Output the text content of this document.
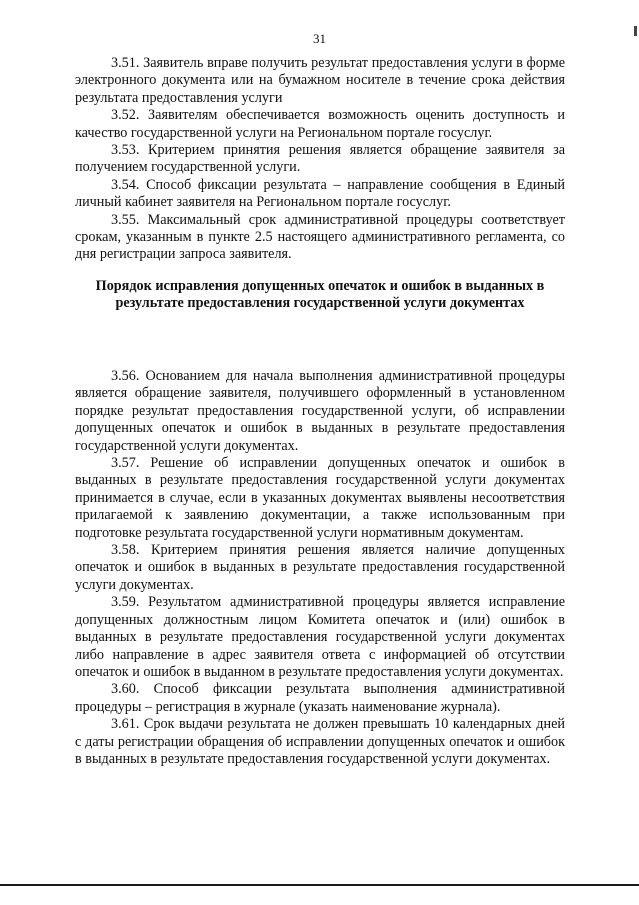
31

3.51. Заявитель вправе получить результат предоставления услуги в форме электронного документа или на бумажном носителе в течение срока действия результата предоставления услуги

3.52. Заявителям обеспечивается возможность оценить доступность и качество государственной услуги на Региональном портале госуслуг.

3.53. Критерием принятия решения является обращение заявителя за получением государственной услуги.

3.54. Способ фиксации результата – направление сообщения в Единый личный кабинет заявителя на Региональном портале госуслуг.

3.55. Максимальный срок административной процедуры соответствует срокам, указанным в пункте 2.5 настоящего административного регламента, со дня регистрации запроса заявителя.

Порядок исправления допущенных опечаток и ошибок в выданных в результате предоставления государственной услуги документах

3.56. Основанием для начала выполнения административной процедуры является обращение заявителя, получившего оформленный в установленном порядке результат предоставления государственной услуги, об исправлении допущенных опечаток и ошибок в выданных в результате предоставления государственной услуги документах.

3.57. Решение об исправлении допущенных опечаток и ошибок в выданных в результате предоставления государственной услуги документах принимается в случае, если в указанных документах выявлены несоответствия прилагаемой к заявлению документации, а также использованным при подготовке результата государственной услуги нормативным документам.

3.58. Критерием принятия решения является наличие допущенных опечаток и ошибок в выданных в результате предоставления государственной услуги документах.

3.59. Результатом административной процедуры является исправление допущенных должностным лицом Комитета опечаток и (или) ошибок в выданных в результате предоставления государственной услуги документах либо направление в адрес заявителя ответа с информацией об отсутствии опечаток и ошибок в выданном в результате предоставления услуги документах.

3.60. Способ фиксации результата выполнения административной процедуры – регистрация в журнале (указать наименование журнала).

3.61. Срок выдачи результата не должен превышать 10 календарных дней с даты регистрации обращения об исправлении допущенных опечаток и ошибок в выданных в результате предоставления государственной услуги документах.
